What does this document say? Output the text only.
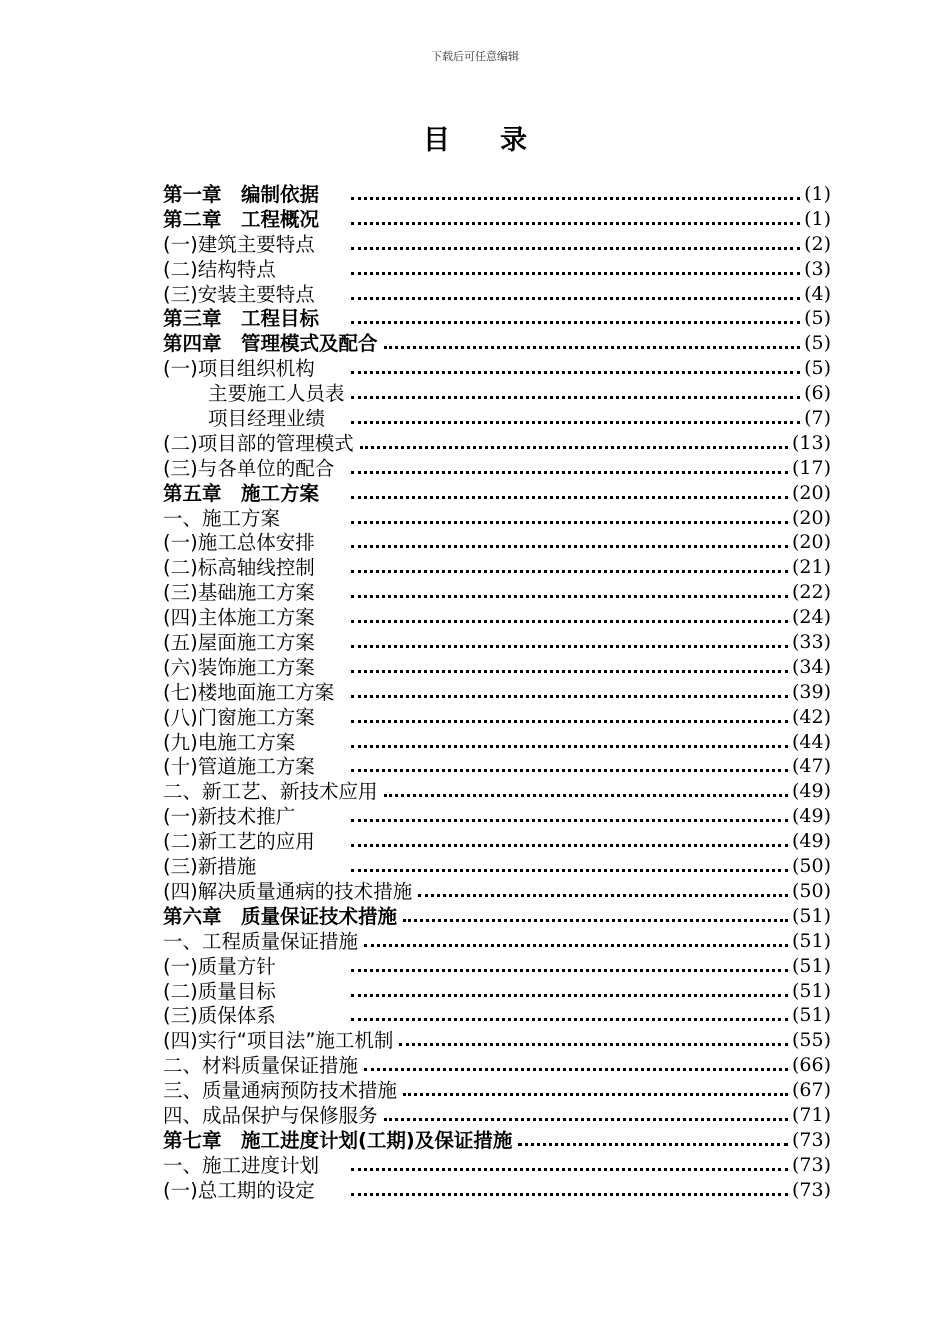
下载后可任意编辑
目录
第一章　编制依据	(1)
第二章　工程概况	(1)
(一)建筑主要特点	(2)
(二)结构特点	(3)
(三)安装主要特点	(4)
第三章　工程目标	(5)
第四章　管理模式及配合	(5)
(一)项目组织机构	(5)
主要施工人员表	(6)
项目经理业绩	(7)
(二)项目部的管理模式	(13)
(三)与各单位的配合	(17)
第五章　施工方案	(20)
一、施工方案	(20)
(一)施工总体安排	(20)
(二)标高轴线控制	(21)
(三)基础施工方案	(22)
(四)主体施工方案	(24)
(五)屋面施工方案	(33)
(六)装饰施工方案	(34)
(七)楼地面施工方案	(39)
(八)门窗施工方案	(42)
(九)电施工方案	(44)
(十)管道施工方案	(47)
二、新工艺、新技术应用	(49)
(一)新技术推广	(49)
(二)新工艺的应用	(49)
(三)新措施	(50)
(四)解决质量通病的技术措施	(50)
第六章　质量保证技术措施	(51)
一、工程质量保证措施	(51)
(一)质量方针	(51)
(二)质量目标	(51)
(三)质保体系	(51)
(四)实行“项目法”施工机制	(55)
二、材料质量保证措施	(66)
三、质量通病预防技术措施	(67)
四、成品保护与保修服务	(71)
第七章　施工进度计划(工期)及保证措施	(73)
一、施工进度计划	(73)
(一)总工期的设定	(73)
